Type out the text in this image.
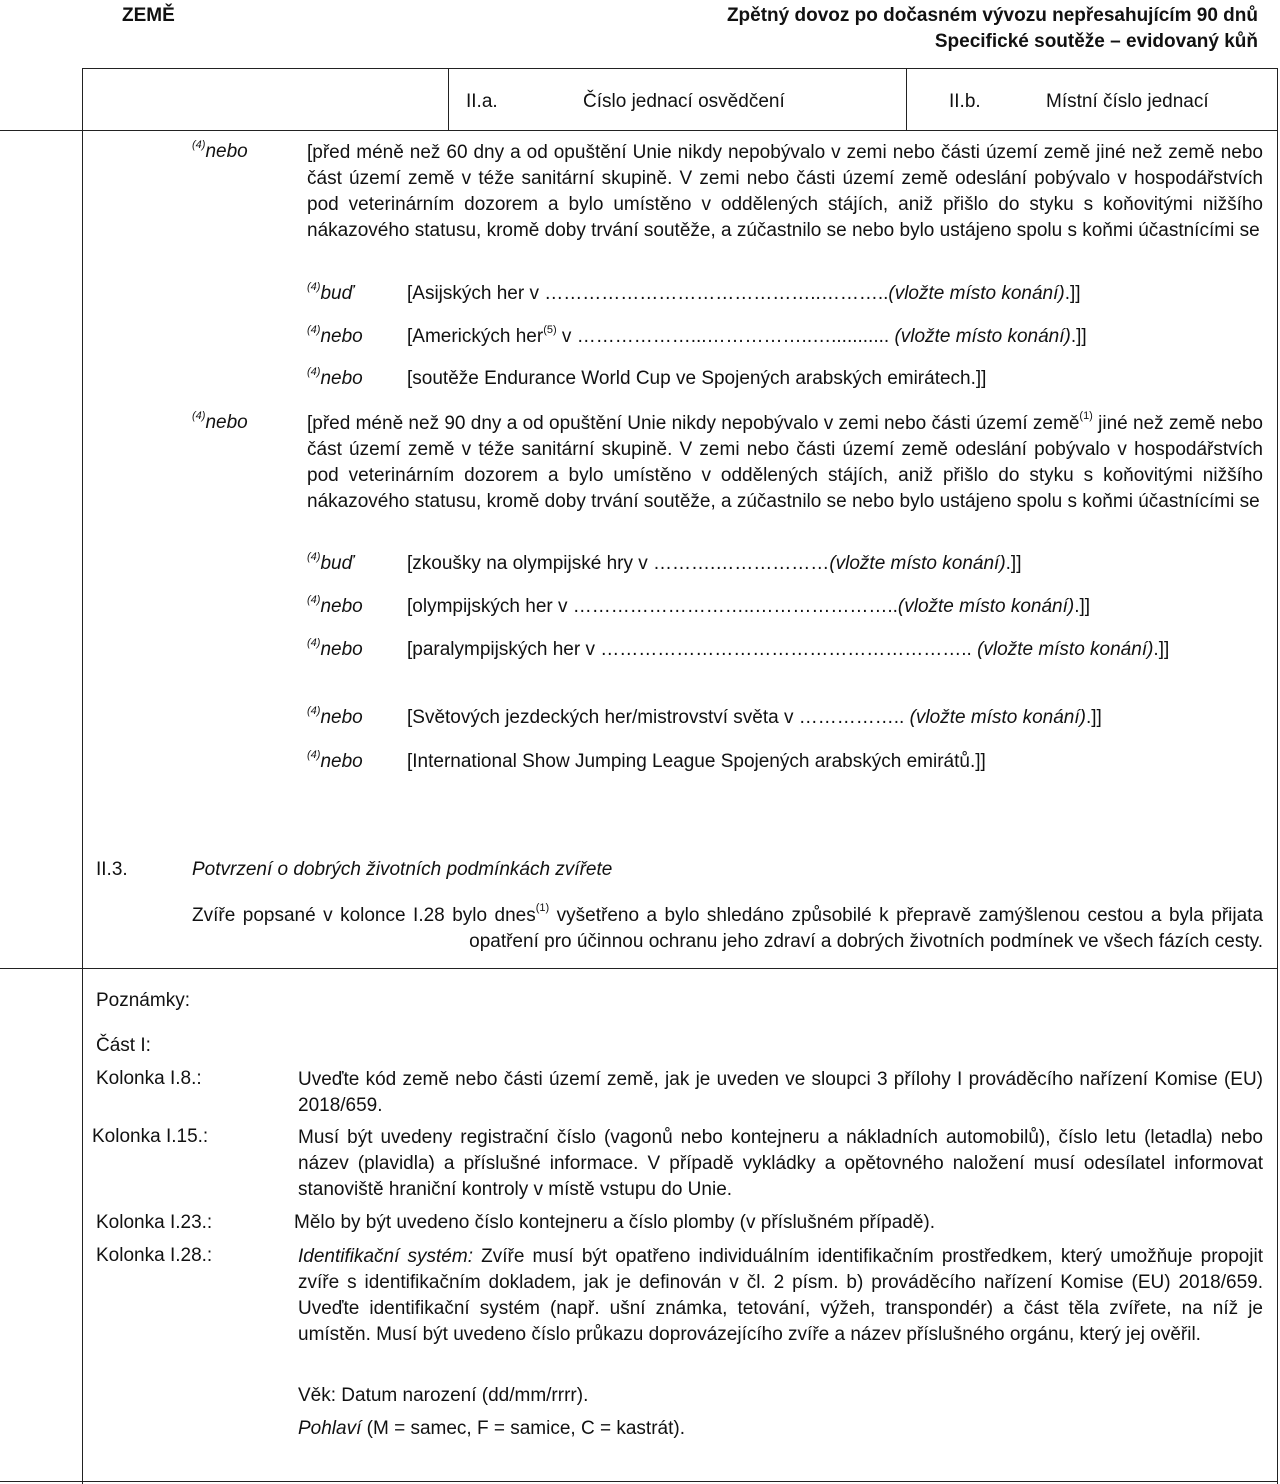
ZEMĚ	Zpětný dovoz po dočasném vývozu nepřesahujícím 90 dnů
Specifické soutěže – evidovaný kůň
II.a.	Číslo jednací osvědčení	II.b.	Místní číslo jednací
$^{(4)}$nebo	[před méně než 60 dny a od opuštění Unie nikdy nepobývalo v zemi nebo části území země jiné než země nebo část území země v téže sanitární skupině. V zemi nebo části území země odeslání pobývalo v hospodářstvích pod veterinárním dozorem a bylo umístěno v oddělených stájích, aniž přišlo do styku s koňovitými nižšího nákazového statusu, kromě doby trvání soutěže, a zúčastnilo se nebo bylo ustájeno spolu s koňmi účastnícími se
$^{(4)}$buď	[Asijských her v ……………………………………..………..(vložte místo konání).]]
$^{(4)}$nebo [Amerických her$^{(5)}$ v ………………...……………..…........... (vložte místo konání).]]
$^{(4)}$nebo [soutěže Endurance World Cup ve Spojených arabských emirátech.]]
$^{(4)}$nebo	[před méně než 90 dny a od opuštění Unie nikdy nepobývalo v zemi nebo části území země$^{(1)}$ jiné než země nebo část území země v téže sanitární skupině. V zemi nebo části území země odeslání pobývalo v hospodářstvích pod veterinárním dozorem a bylo umístěno v oddělených stájích, aniž přišlo do styku s koňovitými nižšího nákazového statusu, kromě doby trvání soutěže, a zúčastnilo se nebo bylo ustájeno spolu s koňmi účastnícími se
$^{(4)}$buď	[zkoušky na olympijské hry v ……….………………(vložte místo konání).]]
$^{(4)}$nebo [olympijských her v ………………………..…………………..(vložte místo konání).]]
$^{(4)}$nebo [paralympijských her v ………………………………………………….. (vložte místo konání).]]
$^{(4)}$nebo [Světových jezdeckých her/mistrovství světa v …………….. (vložte místo konání).]]
$^{(4)}$nebo [International Show Jumping League Spojených arabských emirátů.]]
II.3.	Potvrzení o dobrých životních podmínkách zvířete
Zvíře popsané v kolonce I.28 bylo dnes$^{(1)}$ vyšetřeno a bylo shledáno způsobilé k přepravě zamýšlenou cestou a byla přijata opatření pro účinnou ochranu jeho zdraví a dobrých životních podmínek ve všech fázích cesty.
Poznámky:
Část I:
Kolonka I.8.:	Uveďte kód země nebo části území země, jak je uveden ve sloupci 3 přílohy I prováděcího nařízení Komise (EU) 2018/659.
Kolonka I.15.:	Musí být uvedeny registrační číslo (vagonů nebo kontejneru a nákladních automobilů), číslo letu (letadla) nebo název (plavidla) a příslušné informace. V případě vykládky a opětovného naložení musí odesílatel informovat stanoviště hraniční kontroly v místě vstupu do Unie.
Kolonka I.23.:	Mělo by být uvedeno číslo kontejneru a číslo plomby (v příslušném případě).
Kolonka I.28.:	Identifikační systém: Zvíře musí být opatřeno individuálním identifikačním prostředkem, který umožňuje propojit zvíře s identifikačním dokladem, jak je definován v čl. 2 písm. b) prováděcího nařízení Komise (EU) 2018/659. Uveďte identifikační systém (např. ušní známka, tetování, výžeh, transpondér) a část těla zvířete, na níž je umístěn. Musí být uvedeno číslo průkazu doprovázejícího zvíře a název příslušného orgánu, který jej ověřil.
Věk: Datum narození (dd/mm/rrrr).
Pohlaví (M = samec, F = samice, C = kastrát).
